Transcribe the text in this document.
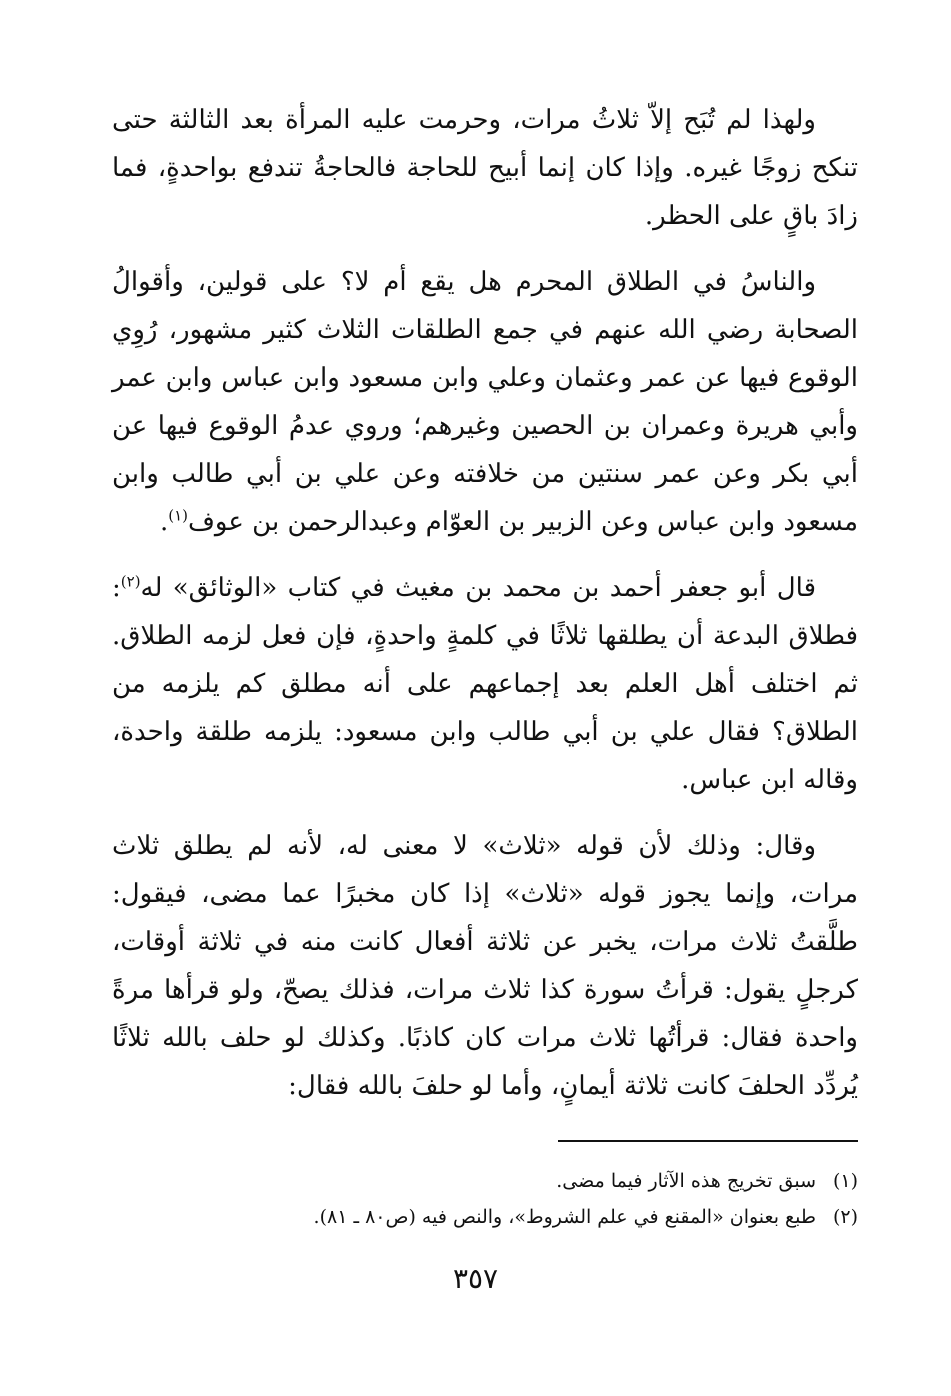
ولهذا لم تُبَح إلاّ ثلاثُ مرات، وحرمت عليه المرأة بعد الثالثة حتى تنكح زوجًا غيره. وإذا كان إنما أبيح للحاجة فالحاجةُ تندفع بواحدةٍ، فما زادَ باقٍ على الحظر.

والناسُ في الطلاق المحرم هل يقع أم لا؟ على قولين، وأقوالُ الصحابة رضي الله عنهم في جمع الطلقات الثلاث كثير مشهور، رُوِي الوقوع فيها عن عمر وعثمان وعلي وابن مسعود وابن عباس وابن عمر وأبي هريرة وعمران بن الحصين وغيرهم؛ وروي عدمُ الوقوع فيها عن أبي بكر وعن عمر سنتين من خلافته وعن علي بن أبي طالب وابن مسعود وابن عباس وعن الزبير بن العوّام وعبدالرحمن بن عوف$^{(١)}$.

قال أبو جعفر أحمد بن محمد بن مغيث في كتاب «الوثائق» له$^{(٢)}$: فطلاق البدعة أن يطلقها ثلاثًا في كلمةٍ واحدةٍ، فإن فعل لزمه الطلاق. ثم اختلف أهل العلم بعد إجماعهم على أنه مطلق كم يلزمه من الطلاق؟ فقال علي بن أبي طالب وابن مسعود: يلزمه طلقة واحدة، وقاله ابن عباس.

وقال: وذلك لأن قوله «ثلاث» لا معنى له، لأنه لم يطلق ثلاث مرات، وإنما يجوز قوله «ثلاث» إذا كان مخبرًا عما مضى، فيقول: طلَّقتُ ثلاث مرات، يخبر عن ثلاثة أفعال كانت منه في ثلاثة أوقات، كرجلٍ يقول: قرأتُ سورة كذا ثلاث مرات، فذلك يصحّ، ولو قرأها مرةً واحدة فقال: قرأتُها ثلاث مرات كان كاذبًا. وكذلك لو حلف بالله ثلاثًا يُردِّد الحلفَ كانت ثلاثة أيمانٍ، وأما لو حلفَ بالله فقال:

(١)سبق تخريج هذه الآثار فيما مضى.
(٢)طبع بعنوان «المقنع في علم الشروط»، والنص فيه (ص٨٠ ـ ٨١).
٣٥٧
